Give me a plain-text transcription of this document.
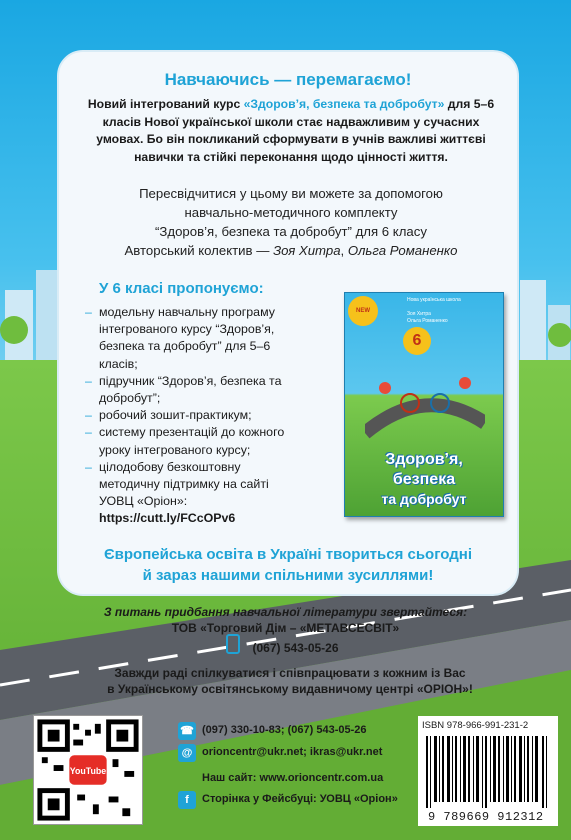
Навчаючись — перемагаємо!
Новий інтегрований курс «Здоров’я, безпека та добробут» для 5–6 класів Нової української школи стає надважливим у сучасних умовах. Бо він покликаний сформувати в учнів важливі життєві навички та стійкі переконання щодо цінності життя.
Пересвідчитися у цьому ви можете за допомогою
навчально-методичного комплекту
“Здоров’я, безпека та добробут” для 6 класу
Авторський колектив — Зоя Хитра, Ольга Романенко
У 6 класі пропонуємо:
– модельну навчальну програму інтегрованого курсу “Здоров’я, безпека та добробут” для 5–6 класів;
– підручник “Здоров’я, безпека та добробут”;
– робочий зошит-практикум;
– систему презентацій до кожного уроку інтегрованого курсу;
– цілодобову безкоштовну методичну підтримку на сайті УОВЦ «Оріон»:
https://cutt.ly/FCcOPv6
NEW
Нова українська школа
Зоя Хитра
Ольга Романенко
6
Здоров’я,
безпека
та добробут
Європейська освіта в Україні твориться сьогодні
й зараз нашими спільними зусиллями!
З питань придбання навчальної літератури звертайтеся:
ТОВ «Торговий Дім – «МЕТАВСЕСВІТ»
(067) 543-05-26
Завжди раді спілкуватися і співпрацювати з кожним із Вас
в Українському освітянському видавничому центрі «ОРІОН»!
YouTube
☎ (097) 330-10-83; (067) 543-05-26
@ orioncentr@ukr.net; ikras@ukr.net
Наш сайт: www.orioncentr.com.ua
f	Сторінка у Фейсбуці: УОВЦ «Оріон»
ISBN 978-966-991-231-2
9 789669 912312
